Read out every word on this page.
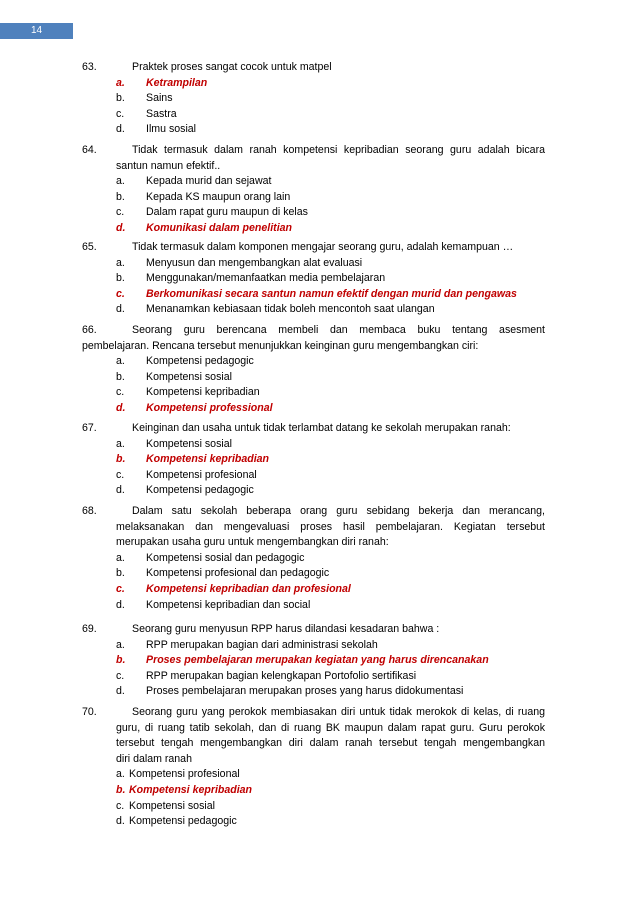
14
63.	Praktek proses sangat cocok untuk matpel
a. Ketrampilan
b. Sains
c. Sastra
d. Ilmu sosial
64.	Tidak termasuk dalam ranah kompetensi kepribadian seorang guru adalah bicara
santun namun efektif..
a. Kepada murid dan sejawat
b. Kepada KS maupun orang lain
c. Dalam rapat guru maupun di kelas
d. Komunikasi dalam penelitian
65.	Tidak termasuk dalam komponen mengajar seorang guru, adalah kemampuan …
a. Menyusun dan mengembangkan alat evaluasi
b. Menggunakan/memanfaatkan media pembelajaran
c. Berkomunikasi secara santun namun efektif dengan murid dan pengawas
d. Menanamkan kebiasaan tidak boleh mencontoh saat ulangan
66.	Seorang guru berencana membeli dan membaca buku tentang asesment
pembelajaran. Rencana tersebut menunjukkan keinginan guru mengembangkan ciri:
a. Kompetensi pedagogic
b. Kompetensi sosial
c. Kompetensi kepribadian
d. Kompetensi professional
67.	Keinginan dan usaha untuk tidak terlambat datang ke sekolah merupakan ranah:
a. Kompetensi sosial
b. Kompetensi kepribadian
c. Kompetensi profesional
d. Kompetensi pedagogic
68.	Dalam satu sekolah beberapa orang guru sebidang bekerja dan merancang,
melaksanakan dan mengevaluasi proses hasil pembelajaran. Kegiatan tersebut
merupakan usaha guru untuk mengembangkan diri ranah:
a. Kompetensi sosial dan pedagogic
b. Kompetensi profesional dan pedagogic
c. Kompetensi kepribadian dan profesional
d. Kompetensi kepribadian dan social
69.	Seorang guru menyusun RPP harus dilandasi kesadaran bahwa :
a. RPP merupakan bagian dari administrasi sekolah
b. Proses pembelajaran merupakan kegiatan yang harus direncanakan
c. RPP merupakan bagian kelengkapan Portofolio sertifikasi
d. Proses pembelajaran merupakan proses yang harus didokumentasi
70.	Seorang guru yang perokok membiasakan diri untuk tidak merokok di kelas, di ruang
guru, di ruang tatib sekolah, dan di ruang BK maupun dalam rapat guru. Guru perokok
tersebut tengah mengembangkan diri dalam ranah tersebut tengah mengembangkan
diri dalam ranah
a. Kompetensi profesional
b. Kompetensi kepribadian
c. Kompetensi sosial
d. Kompetensi pedagogic
